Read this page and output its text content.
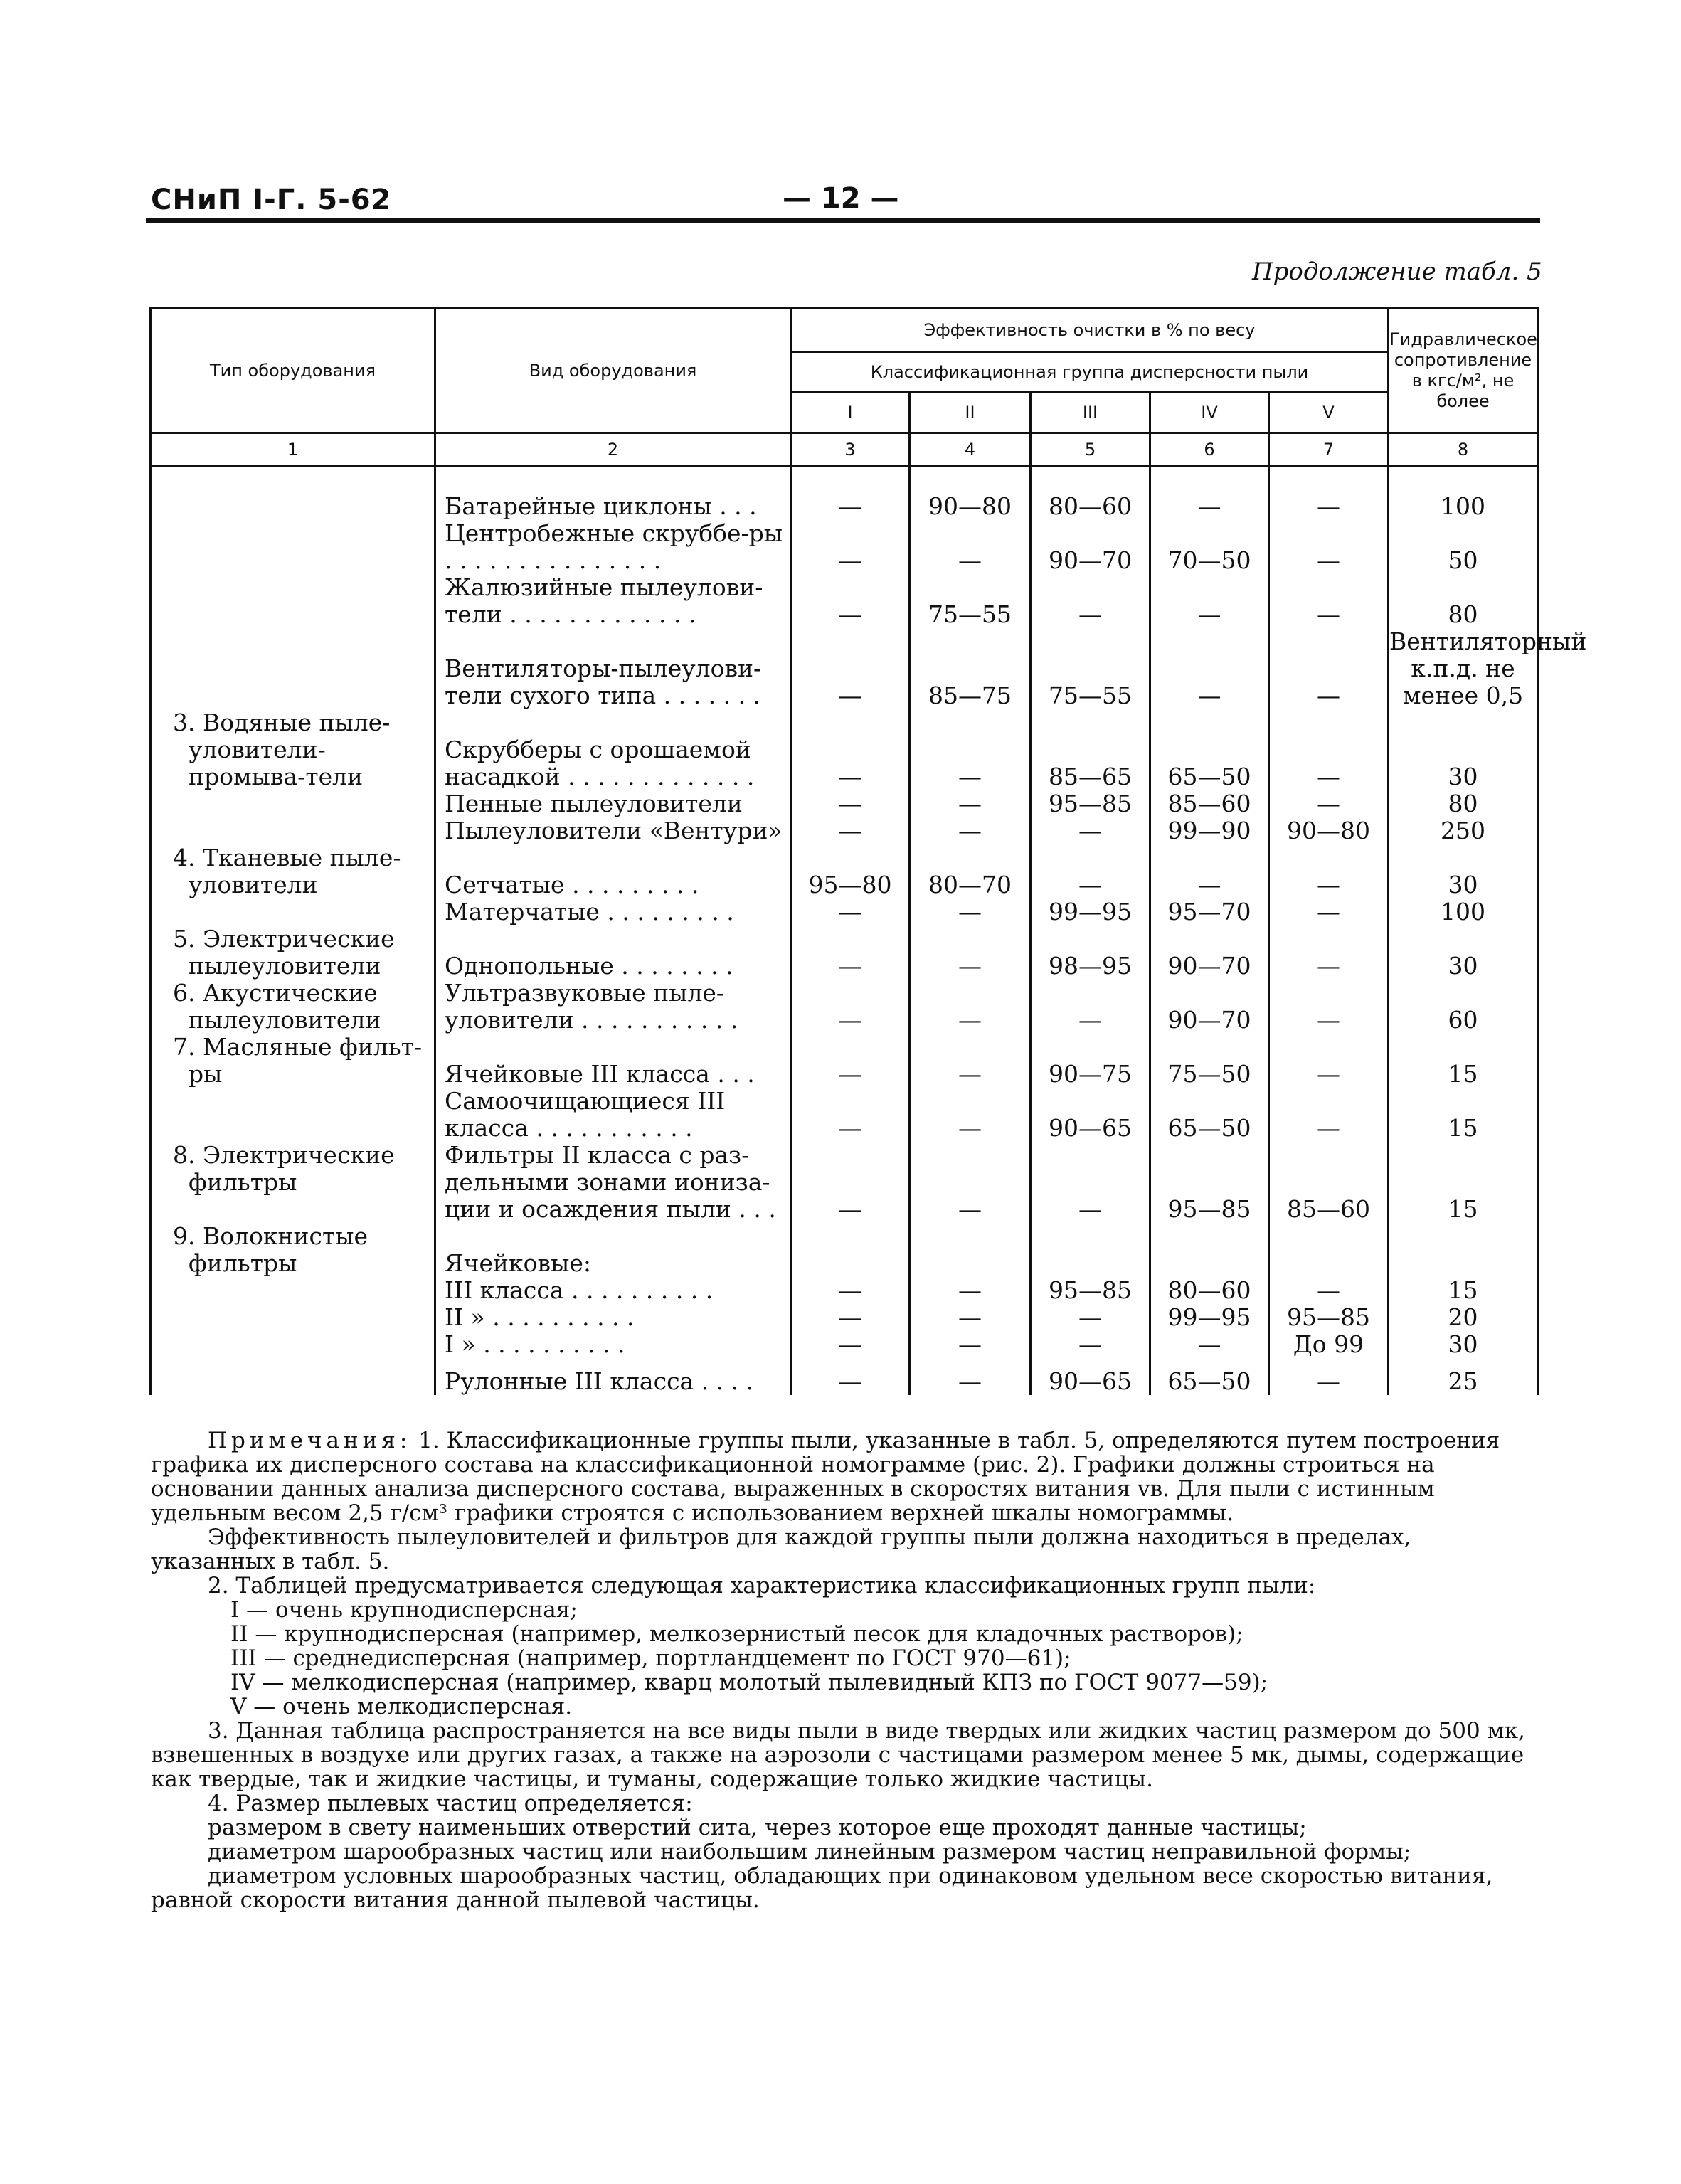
СНиП I-Г. 5-62	— 12 —
Продолжение табл. 5
Тип оборудования	Вид оборудования	Эффективность очистки в % по весу					Гидравлическое сопротивление в кгс/м², не более
		Классификационная группа дисперсности пыли					
		I	II	III	IV	V	
1	2	3	4	5	6	7	8

	Батарейные циклоны . . .	—	90—80	80—60	—	—	100
	Центробежные скруббе-ры . . . . . . . . . . . . . . .	—	—	90—70	70—50	—	50
	Жалюзийные пылеулови-тели . . . . . . . . . . . . .	—	75—55	—	—	—	80
	Вентиляторы-пылеулови-тели сухого типа . . . . . . .	—	85—75	75—55	—	—	Вентиляторный к.п.д. не менее 0,5
3. Водяные пыле-уловители-промыва-тели	Скрубберы с орошаемой насадкой . . . . . . . . . . . . .	—	—	85—65	65—50	—	30
	Пенные пылеуловители	—	—	95—85	85—60	—	80
	Пылеуловители «Вентури»	—	—	—	99—90	90—80	250
4. Тканевые пыле-уловители	Сетчатые . . . . . . . . .	95—80	80—70	—	—	—	30
	Матерчатые . . . . . . . . .	—	—	99—95	95—70	—	100
5. Электрические пылеуловители	Однопольные . . . . . . . .	—	—	98—95	90—70	—	30
6. Акустические пылеуловители	Ультразвуковые пыле-уловители . . . . . . . . . . .	—	—	—	90—70	—	60
7. Масляные фильт-ры	Ячейковые III класса . . .	—	—	90—75	75—50	—	15
	Самоочищающиеся III класса . . . . . . . . . . .	—	—	90—65	65—50	—	15
8. Электрические фильтры	Фильтры II класса с раз-дельными зонами иониза-ции и осаждения пыли . . .	—	—	—	95—85	85—60	15
9. Волокнистые фильтры	Ячейковые:						
	III класса . . . . . . . . . .	—	—	95—85	80—60	—	15
	II » . . . . . . . . . .	—	—	—	99—95	95—85	20
	I » . . . . . . . . . .	—	—	—	—	До 99	30
	Рулонные III класса . . . .	—	—	90—65	65—50	—	25

Примечания: 1. Классификационные группы пыли, указанные в табл. 5, определяются путем построения графика их дисперсного состава на классификационной номограмме (рис. 2). Графики должны строиться на основании данных анализа дисперсного состава, выраженных в скоростях витания vв. Для пыли с истинным удельным весом 2,5 г/см³ графики строятся с использованием верхней шкалы номограммы.

Эффективность пылеуловителей и фильтров для каждой группы пыли должна находиться в пределах, указанных в табл. 5.

2. Таблицей предусматривается следующая характеристика классификационных групп пыли:

I — очень крупнодисперсная;

II — крупнодисперсная (например, мелкозернистый песок для кладочных растворов);

III — среднедисперсная (например, портландцемент по ГОСТ 970—61);

IV — мелкодисперсная (например, кварц молотый пылевидный КПЗ по ГОСТ 9077—59);

V — очень мелкодисперсная.

3. Данная таблица распространяется на все виды пыли в виде твердых или жидких частиц размером до 500 мк, взвешенных в воздухе или других газах, а также на аэрозоли с частицами размером менее 5 мк, дымы, содержащие как твердые, так и жидкие частицы, и туманы, содержащие только жидкие частицы.

4. Размер пылевых частиц определяется:

размером в свету наименьших отверстий сита, через которое еще проходят данные частицы;

диаметром шарообразных частиц или наибольшим линейным размером частиц неправильной формы;

диаметром условных шарообразных частиц, обладающих при одинаковом удельном весе скоростью витания, равной скорости витания данной пылевой частицы.
